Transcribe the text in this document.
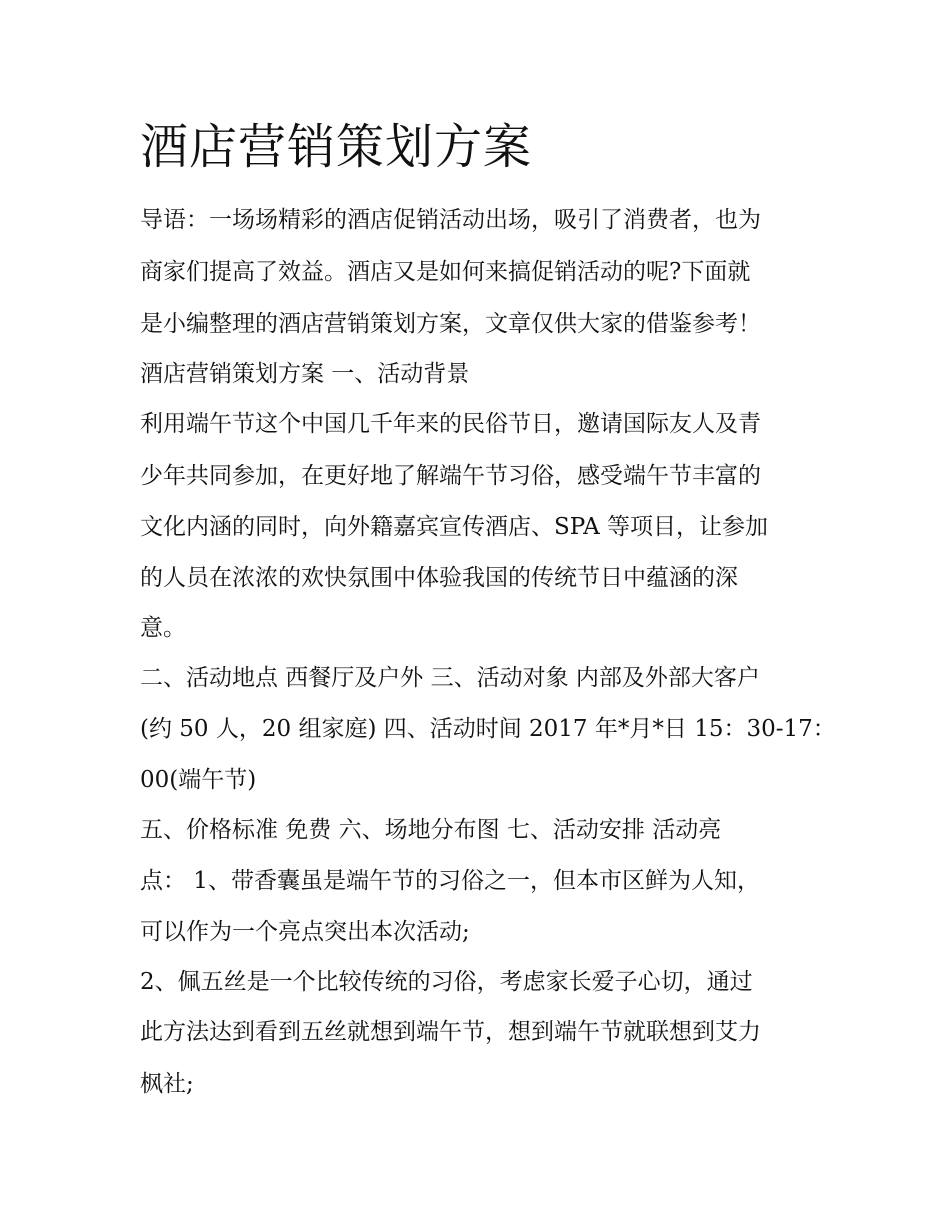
酒店营销策划方案

导语：一场场精彩的酒店促销活动出场，吸引了消费者，也为

商家们提高了效益。酒店又是如何来搞促销活动的呢?下面就

是小编整理的酒店营销策划方案，文章仅供大家的借鉴参考！

酒店营销策划方案 一、活动背景

利用端午节这个中国几千年来的民俗节日，邀请国际友人及青

少年共同参加，在更好地了解端午节习俗，感受端午节丰富的

文化内涵的同时，向外籍嘉宾宣传酒店、SPA 等项目，让参加

的人员在浓浓的欢快氛围中体验我国的传统节日中蕴涵的深

意。

二、活动地点 西餐厅及户外 三、活动对象 内部及外部大客户

(约 50 人，20 组家庭) 四、活动时间 2017 年*月*日 15：30-17：

00(端午节)

五、价格标准 免费 六、场地分布图 七、活动安排 活动亮

点： 1、带香囊虽是端午节的习俗之一，但本市区鲜为人知，

可以作为一个亮点突出本次活动;

2、佩五丝是一个比较传统的习俗，考虑家长爱子心切，通过

此方法达到看到五丝就想到端午节，想到端午节就联想到艾力

枫社;
